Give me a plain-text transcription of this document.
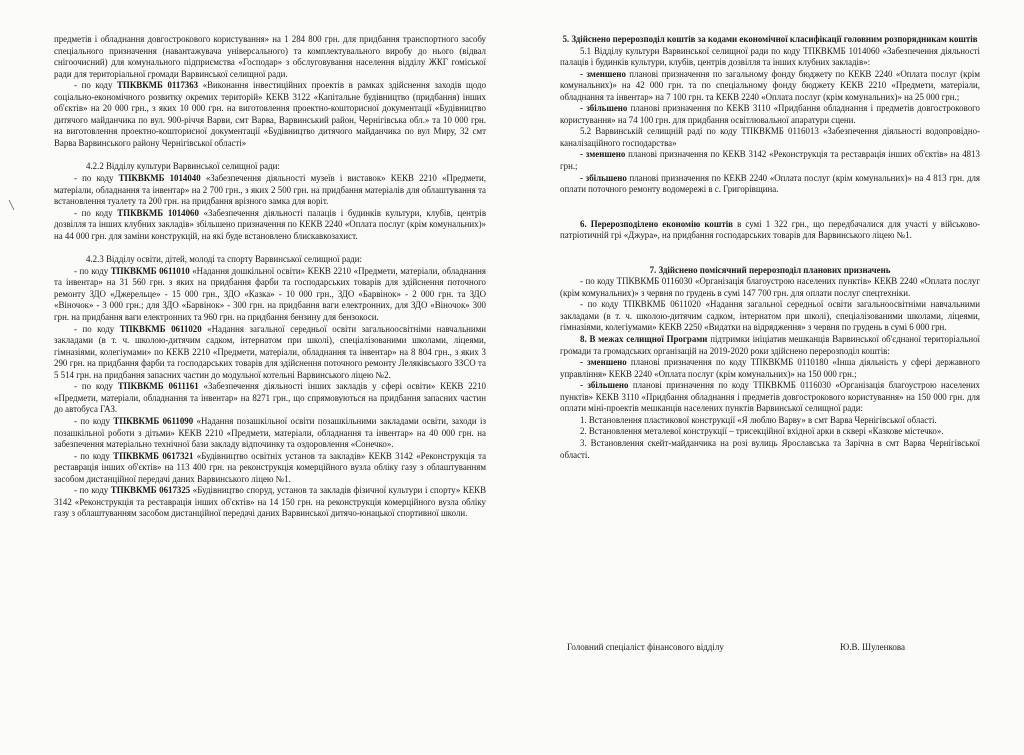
предметів і обладнання довгострокового користування» на 1 284 800 грн. для придбання транспортного засобу спеціального призначення (навантажувача універсального) та комплектувального виробу до нього (відвал снігоочисний) для комунального підприємства «Господар» з обслуговування населення відділу ЖКГ гоміської ради для територіальної громади Варвинської селищної ради.

- по коду ТПКВКМБ 0117363 «Виконання інвестиційних проектів в рамках здійснення заходів щодо соціально-економічного розвитку окремих територій» КЕКВ 3122 «Капітальне будівництво (придбання) інших об'єктів» на 20 000 грн., з яких 10 000 грн. на виготовлення проектно-кошторисної документації «Будівництво дитячого майданчика по вул. 900-річчя Варви, смт Варва, Варвинський район, Чернігівська обл.» та 10 000 грн. на виготовлення проектно-кошторисної документації «Будівництво дитячого майданчика по вул Миру, 32 смт Варва Варвинського району Чернігівської області»

4.2.2 Відділу культури Варвинської селищної ради:

- по коду ТПКВКМБ 1014040 «Забезпечення діяльності музеїв і виставок» КЕКВ 2210 «Предмети, матеріали, обладнання та інвентар» на 2 700 грн., з яких 2 500 грн. на придбання матеріалів для облаштування та встановлення туалету та 200 грн. на придбання врізного замка для воріт.

- по коду ТПКВКМБ 1014060 «Забезпечення діяльності палаців і будинків культури, клубів, центрів дозвілля та інших клубних закладів» збільшено призначення по КЕКВ 2240 «Оплата послуг (крім комунальних)» на 44 000 грн. для заміни конструкцій, на які буде встановлено блискавкозахист.

4.2.3 Відділу освіти, дітей, молоді та спорту Варвинської селищної ради:

- по коду ТПКВКМБ 0611010 «Надання дошкільної освіти» КЕКВ 2210 «Предмети, матеріали, обладнання та інвентар» на 31 560 грн. з яких на придбання фарби та господарських товарів для здійснення поточного ремонту ЗДО «Джерельце» - 15 000 грн., ЗДО «Казка» - 10 000 грн., ЗДО «Барвінок» - 2 000 грн. та ЗДО «Віночок» - 3 000 грн.; для ЗДО «Барвінок» - 300 грн. на придбання ваги електронних, для ЗДО «Віночок» 300 грн. на придбання ваги електронних та 960 грн. на придбання бензину для бензокоси.

- по коду ТПКВКМБ 0611020 «Надання загальної середньої освіти загальноосвітніми навчальними закладами (в т. ч. школою-дитячим садком, інтернатом при школі), спеціалізованими школами, ліцеями, гімназіями, колегіумами» по КЕКВ 2210 «Предмети, матеріали, обладнання та інвентар» на 8 804 грн., з яких 3 290 грн. на придбання фарби та господарських товарів для здійснення поточного ремонту Леляківського ЗЗСО та 5 514 грн. на придбання запасних частин до модульної котельні Варвинського ліцею №2.

- по коду ТПКВКМБ 0611161 «Забезпечення діяльності інших закладів у сфері освіти» КЕКВ 2210 «Предмети, матеріали, обладнання та інвентар» на 8271 грн., що спрямовуються на придбання запасних частин до автобуса ГАЗ.

- по коду ТПКВКМБ 0611090 «Надання позашкільної освіти позашкільними закладами освіти, заходи із позашкільної роботи з дітьми» КЕКВ 2210 «Предмети, матеріали, обладнання та інвентар» на 40 000 грн. на забезпечення матеріально технічної бази закладу відпочинку та оздоровлення «Сонечко».

- по коду ТПКВКМБ 0617321 «Будівництво освітніх установ та закладів» КЕКВ 3142 «Реконструкція та реставрація інших об'єктів» на 113 400 грн. на реконструкція комерційного вузла обліку газу з облаштуванням засобом дистанційної передачі даних Варвинського ліцею №1.

- по коду ТПКВКМБ 0617325 «Будівництво споруд, установ та закладів фізичної культури і спорту» КЕКВ 3142 «Реконструкція та реставрація інших об'єктів» на 14 150 грн. на реконструкція комерційного вузла обліку газу з облаштуванням засобом дистанційної передачі даних Варвинської дитячо-юнацької спортивної школи.

5. Здійснено перерозподіл коштів за кодами економічної класифікації головним розпорядникам коштів

5.1 Відділу культури Варвинської селищної ради по коду ТПКВКМБ 1014060 «Забезпечення діяльності палаців і будинків культури, клубів, центрів дозвілля та інших клубних закладів»:

- зменшено планові призначення по загальному фонду бюджету по КЕКВ 2240 «Оплата послуг (крім комунальних)» на 42 000 грн. та по спеціальному фонду бюджету КЕКВ 2210 «Предмети, матеріали, обладнання та інвентар» на 7 100 грн. та КЕКВ 2240 «Оплата послуг (крім комунальних)» на 25 000 грн.;

- збільшено планові призначення по КЕКВ 3110 «Придбання обладнання і предметів довгострокового користування» на 74 100 грн. для придбання освітлювальної апаратури сцени.

5.2 Варвинській селищній раді по коду ТПКВКМБ 0116013 «Забезпечення діяльності водопровідно-каналізаційного господарства»

- зменшено планові призначення по КЕКВ 3142 «Реконструкція та реставрація інших об'єктів» на 4813 грн.;

- збільшено планові призначення по КЕКВ 2240 «Оплата послуг (крім комунальних)» на 4 813 грн. для оплати поточного ремонту водомережі в с. Григорівщина.

6. Перерозподілено економію коштів в сумі 1 322 грн., що передбачалися для участі у військово-патріотичній грі «Джура», на придбання господарських товарів для Варвинського ліцею №1.

7. Здійснено помісячний перерозподіл планових призначень

- по коду ТПКВКМБ 0116030 «Організація благоустрою населених пунктів» КЕКВ 2240 «Оплата послуг (крім комунальних)» з червня по грудень в сумі 147 700 грн. для оплати послуг спецтехніки.

- по коду ТПКВКМБ 0611020 «Надання загальної середньої освіти загальноосвітніми навчальними закладами (в т. ч. школою-дитячим садком, інтернатом при школі), спеціалізованими школами, ліцеями, гімназіями, колегіумами» КЕКВ 2250 «Видатки на відрядження» з червня по грудень в сумі 6 000 грн.

8. В межах селищної Програми підтримки ініціатив мешканців Варвинської об'єднаної територіальної громади та громадських організацій на 2019-2020 роки здійснено перерозподіл коштів:

- зменшено планові призначення по коду ТПКВКМБ 0110180 «Інша діяльність у сфері державного управління» КЕКВ 2240 «Оплата послуг (крім комунальних)» на 150 000 грн.;

- збільшено планові призначення по коду ТПКВКМБ 0116030 «Організація благоустрою населених пунктів» КЕКВ 3110 «Придбання обладнання і предметів довгострокового користування» на 150 000 грн. для оплати міні-проектів мешканців населених пунктів Варвинської селищної ради:

1. Встановлення пластикової конструкції «Я люблю Варву» в смт Варва Чернігівської області.

2. Встановлення металевої конструкції – трисекційної вхідної арки в сквері «Казкове містечко».

3. Встановлення скейт-майданчика на розі вулиць Ярославська та Зарічна в смт Варва Чернігівської області.

Головний спеціаліст фінансового відділу	Ю.В. Шуленкова
